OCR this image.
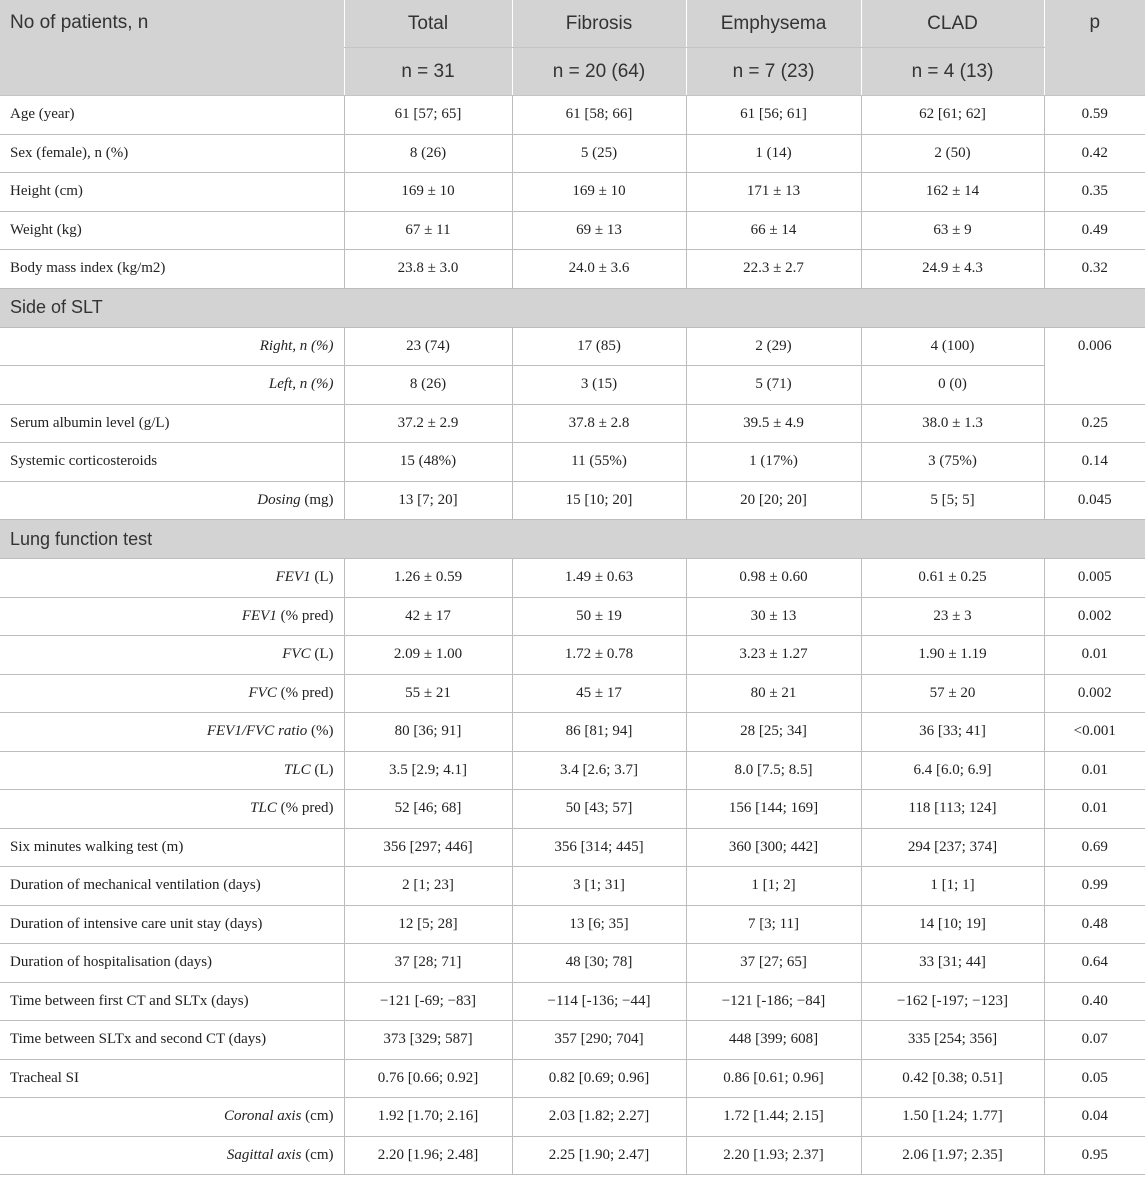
No of patients, n	Total	Fibrosis	Emphysema	CLAD	p
	n = 31	n = 20 (64)	n = 7 (23)	n = 4 (13)	
Age (year)	61 [57; 65]	61 [58; 66]	61 [56; 61]	62 [61; 62]	0.59
Sex (female), n (%)	8 (26)	5 (25)	1 (14)	2 (50)	0.42
Height (cm)	169 ± 10	169 ± 10	171 ± 13	162 ± 14	0.35
Weight (kg)	67 ± 11	69 ± 13	66 ± 14	63 ± 9	0.49
Body mass index (kg/m2)	23.8 ± 3.0	24.0 ± 3.6	22.3 ± 2.7	24.9 ± 4.3	0.32
Side of SLT					
Right, n (%)	23 (74)	17 (85)	2 (29)	4 (100)	0.006
Left, n (%)	8 (26)	3 (15)	5 (71)	0 (0)	
Serum albumin level (g/L)	37.2 ± 2.9	37.8 ± 2.8	39.5 ± 4.9	38.0 ± 1.3	0.25
Systemic corticosteroids	15 (48%)	11 (55%)	1 (17%)	3 (75%)	0.14
Dosing (mg)	13 [7; 20]	15 [10; 20]	20 [20; 20]	5 [5; 5]	0.045
Lung function test					
FEV1 (L)	1.26 ± 0.59	1.49 ± 0.63	0.98 ± 0.60	0.61 ± 0.25	0.005
FEV1 (% pred)	42 ± 17	50 ± 19	30 ± 13	23 ± 3	0.002
FVC (L)	2.09 ± 1.00	1.72 ± 0.78	3.23 ± 1.27	1.90 ± 1.19	0.01
FVC (% pred)	55 ± 21	45 ± 17	80 ± 21	57 ± 20	0.002
FEV1/FVC ratio (%)	80 [36; 91]	86 [81; 94]	28 [25; 34]	36 [33; 41]	<0.001
TLC (L)	3.5 [2.9; 4.1]	3.4 [2.6; 3.7]	8.0 [7.5; 8.5]	6.4 [6.0; 6.9]	0.01
TLC (% pred)	52 [46; 68]	50 [43; 57]	156 [144; 169]	118 [113; 124]	0.01
Six minutes walking test (m)	356 [297; 446]	356 [314; 445]	360 [300; 442]	294 [237; 374]	0.69
Duration of mechanical ventilation (days)	2 [1; 23]	3 [1; 31]	1 [1; 2]	1 [1; 1]	0.99
Duration of intensive care unit stay (days)	12 [5; 28]	13 [6; 35]	7 [3; 11]	14 [10; 19]	0.48
Duration of hospitalisation (days)	37 [28; 71]	48 [30; 78]	37 [27; 65]	33 [31; 44]	0.64
Time between first CT and SLTx (days)	−121 [-69; −83]	−114 [-136; −44]	−121 [-186; −84]	−162 [-197; −123]	0.40
Time between SLTx and second CT (days)	373 [329; 587]	357 [290; 704]	448 [399; 608]	335 [254; 356]	0.07
Tracheal SI	0.76 [0.66; 0.92]	0.82 [0.69; 0.96]	0.86 [0.61; 0.96]	0.42 [0.38; 0.51]	0.05
Coronal axis (cm)	1.92 [1.70; 2.16]	2.03 [1.82; 2.27]	1.72 [1.44; 2.15]	1.50 [1.24; 1.77]	0.04
Sagittal axis (cm)	2.20 [1.96; 2.48]	2.25 [1.90; 2.47]	2.20 [1.93; 2.37]	2.06 [1.97; 2.35]	0.95
